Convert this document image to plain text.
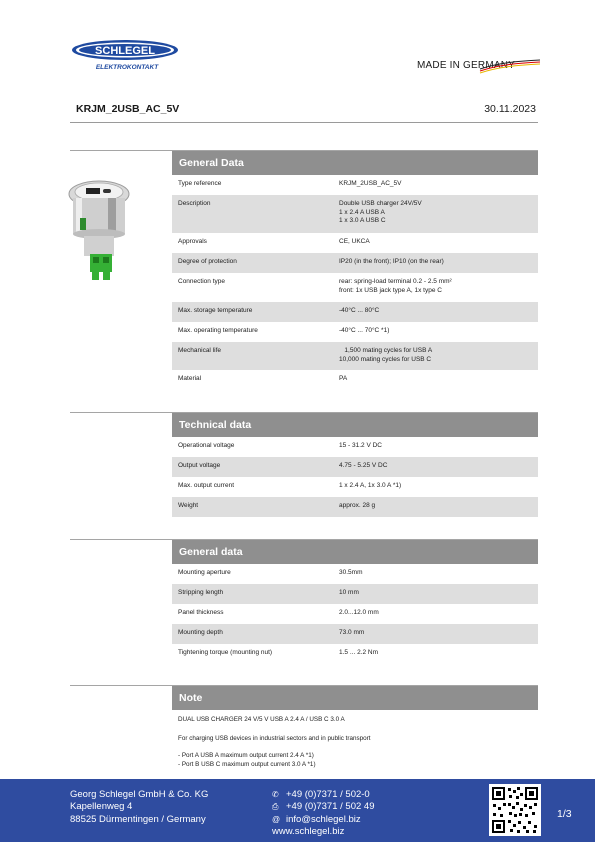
SCHLEGEL
ELEKTROKONTAKT	MADE IN GERMANY
KRJM_2USB_AC_5V	30.11.2023
General Data
Type reference	KRJM_2USB_AC_5V
Description	Double USB charger 24V/5V
1 x 2.4 A USB A
1 x 3.0 A USB C
Approvals	CE, UKCA
Degree of protection	IP20 (in the front); IP10 (on the rear)
Connection type	rear: spring-load terminal 0.2 - 2.5 mm²
front: 1x USB jack type A, 1x type C
Max. storage temperature	-40°C ... 80°C
Max. operating temperature	-40°C ... 70°C *1)
Mechanical life	1,500 mating cycles for USB A
10,000 mating cycles for USB C
Material	PA
Technical data
Operational voltage	15 - 31.2 V DC
Output voltage	4.75 - 5.25 V DC
Max. output current	1 x 2.4 A, 1x 3.0 A *1)
Weight	approx. 28 g
General data
Mounting aperture	30.5mm
Stripping length	10 mm
Panel thickness	2.0...12.0 mm
Mounting depth	73.0 mm
Tightening torque (mounting nut)	1.5 ... 2.2 Nm
Note
DUAL USB CHARGER 24 V/5 V USB A 2.4 A / USB C 3.0 A
For charging USB devices in industrial sectors and in public transport
- Port A USB A maximum output current 2.4 A *1)
- Port B USB C maximum output current 3.0 A *1)
Georg Schlegel GmbH & Co. KG
Kapellenweg 4
88525 Dürmentingen / Germany
✆ +49 (0)7371 / 502-0
⎙ +49 (0)7371 / 502 49
@ info@schlegel.biz
www.schlegel.biz
1/3
